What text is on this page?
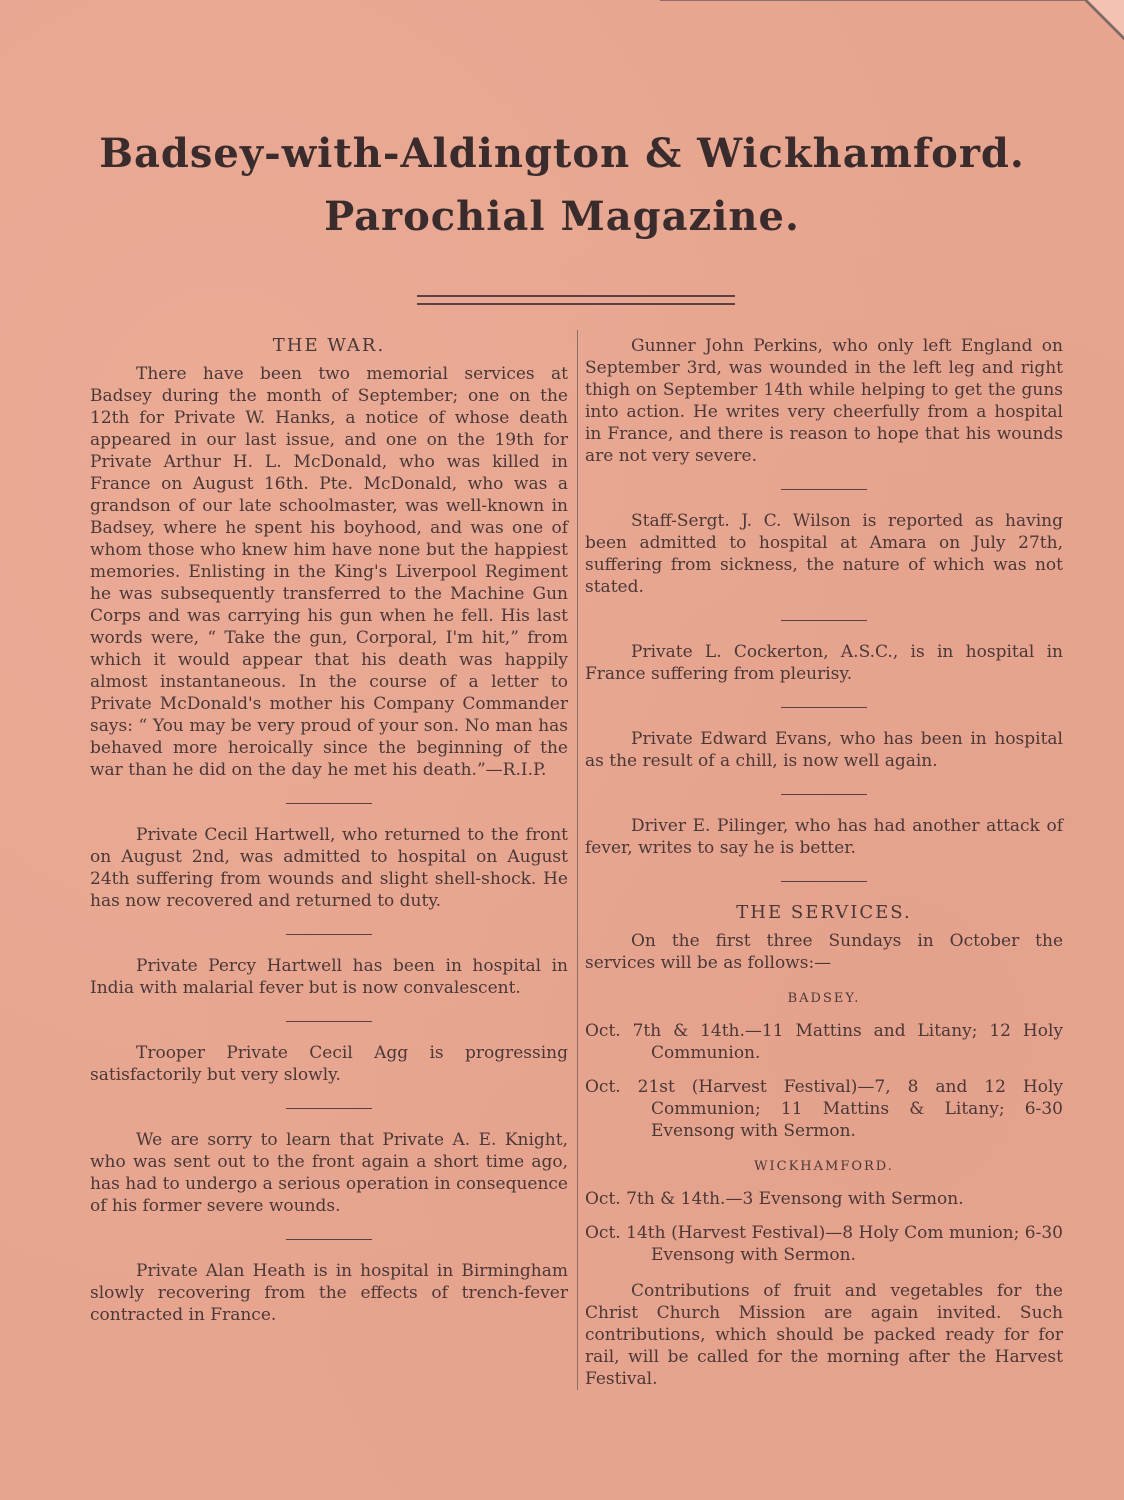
Badsey-with-Aldington & Wickhamford.
Parochial Magazine.
THE WAR.

There have been two memorial services at Badsey during the month of September; one on the 12th for Private W. Hanks, a notice of whose death appeared in our last issue, and one on the 19th for Private Arthur H. L. McDonald, who was killed in France on August 16th. Pte. McDonald, who was a grandson of our late schoolmaster, was well-known in Badsey, where he spent his boyhood, and was one of whom those who knew him have none but the happiest memories. Enlisting in the King's Liverpool Regiment he was subsequently transferred to the Machine Gun Corps and was carrying his gun when he fell. His last words were, “ Take the gun, Corporal, I'm hit,” from which it would appear that his death was happily almost instantaneous. In the course of a letter to Private McDonald's mother his Company Commander says: “ You may be very proud of your son. No man has behaved more heroically since the beginning of the war than he did on the day he met his death.”—R.I.P.

Private Cecil Hartwell, who returned to the front on August 2nd, was admitted to hospital on August 24th suffering from wounds and slight shell-shock. He has now recovered and returned to duty.

Private Percy Hartwell has been in hospital in India with malarial fever but is now convalescent.

Trooper Private Cecil Agg is progressing satisfactorily but very slowly.

We are sorry to learn that Private A. E. Knight, who was sent out to the front again a short time ago, has had to undergo a serious operation in consequence of his former severe wounds.

Private Alan Heath is in hospital in Birmingham slowly recovering from the effects of trench-fever contracted in France.

Gunner John Perkins, who only left England on September 3rd, was wounded in the left leg and right thigh on September 14th while helping to get the guns into action. He writes very cheerfully from a hospital in France, and there is reason to hope that his wounds are not very severe.

Staff-Sergt. J. C. Wilson is reported as having been admitted to hospital at Amara on July 27th, suffering from sickness, the nature of which was not stated.

Private L. Cockerton, A.S.C., is in hospital in France suffering from pleurisy.

Private Edward Evans, who has been in hospital as the result of a chill, is now well again.

Driver E. Pilinger, who has had another attack of fever, writes to say he is better.

THE SERVICES.

On the first three Sundays in October the services will be as follows:—

BADSEY.
Oct. 7th & 14th.—11 Mattins and Litany; 12 Holy Communion.
Oct. 21st (Harvest Festival)—7, 8 and 12 Holy Communion; 11 Mattins & Litany; 6-30 Evensong with Sermon.
WICKHAMFORD.
Oct. 7th & 14th.—3 Evensong with Sermon.
Oct. 14th (Harvest Festival)—8 Holy Com munion; 6-30 Evensong with Sermon.

Contributions of fruit and vegetables for the Christ Church Mission are again invited. Such contributions, which should be packed ready for for rail, will be called for the morning after the Harvest Festival.
